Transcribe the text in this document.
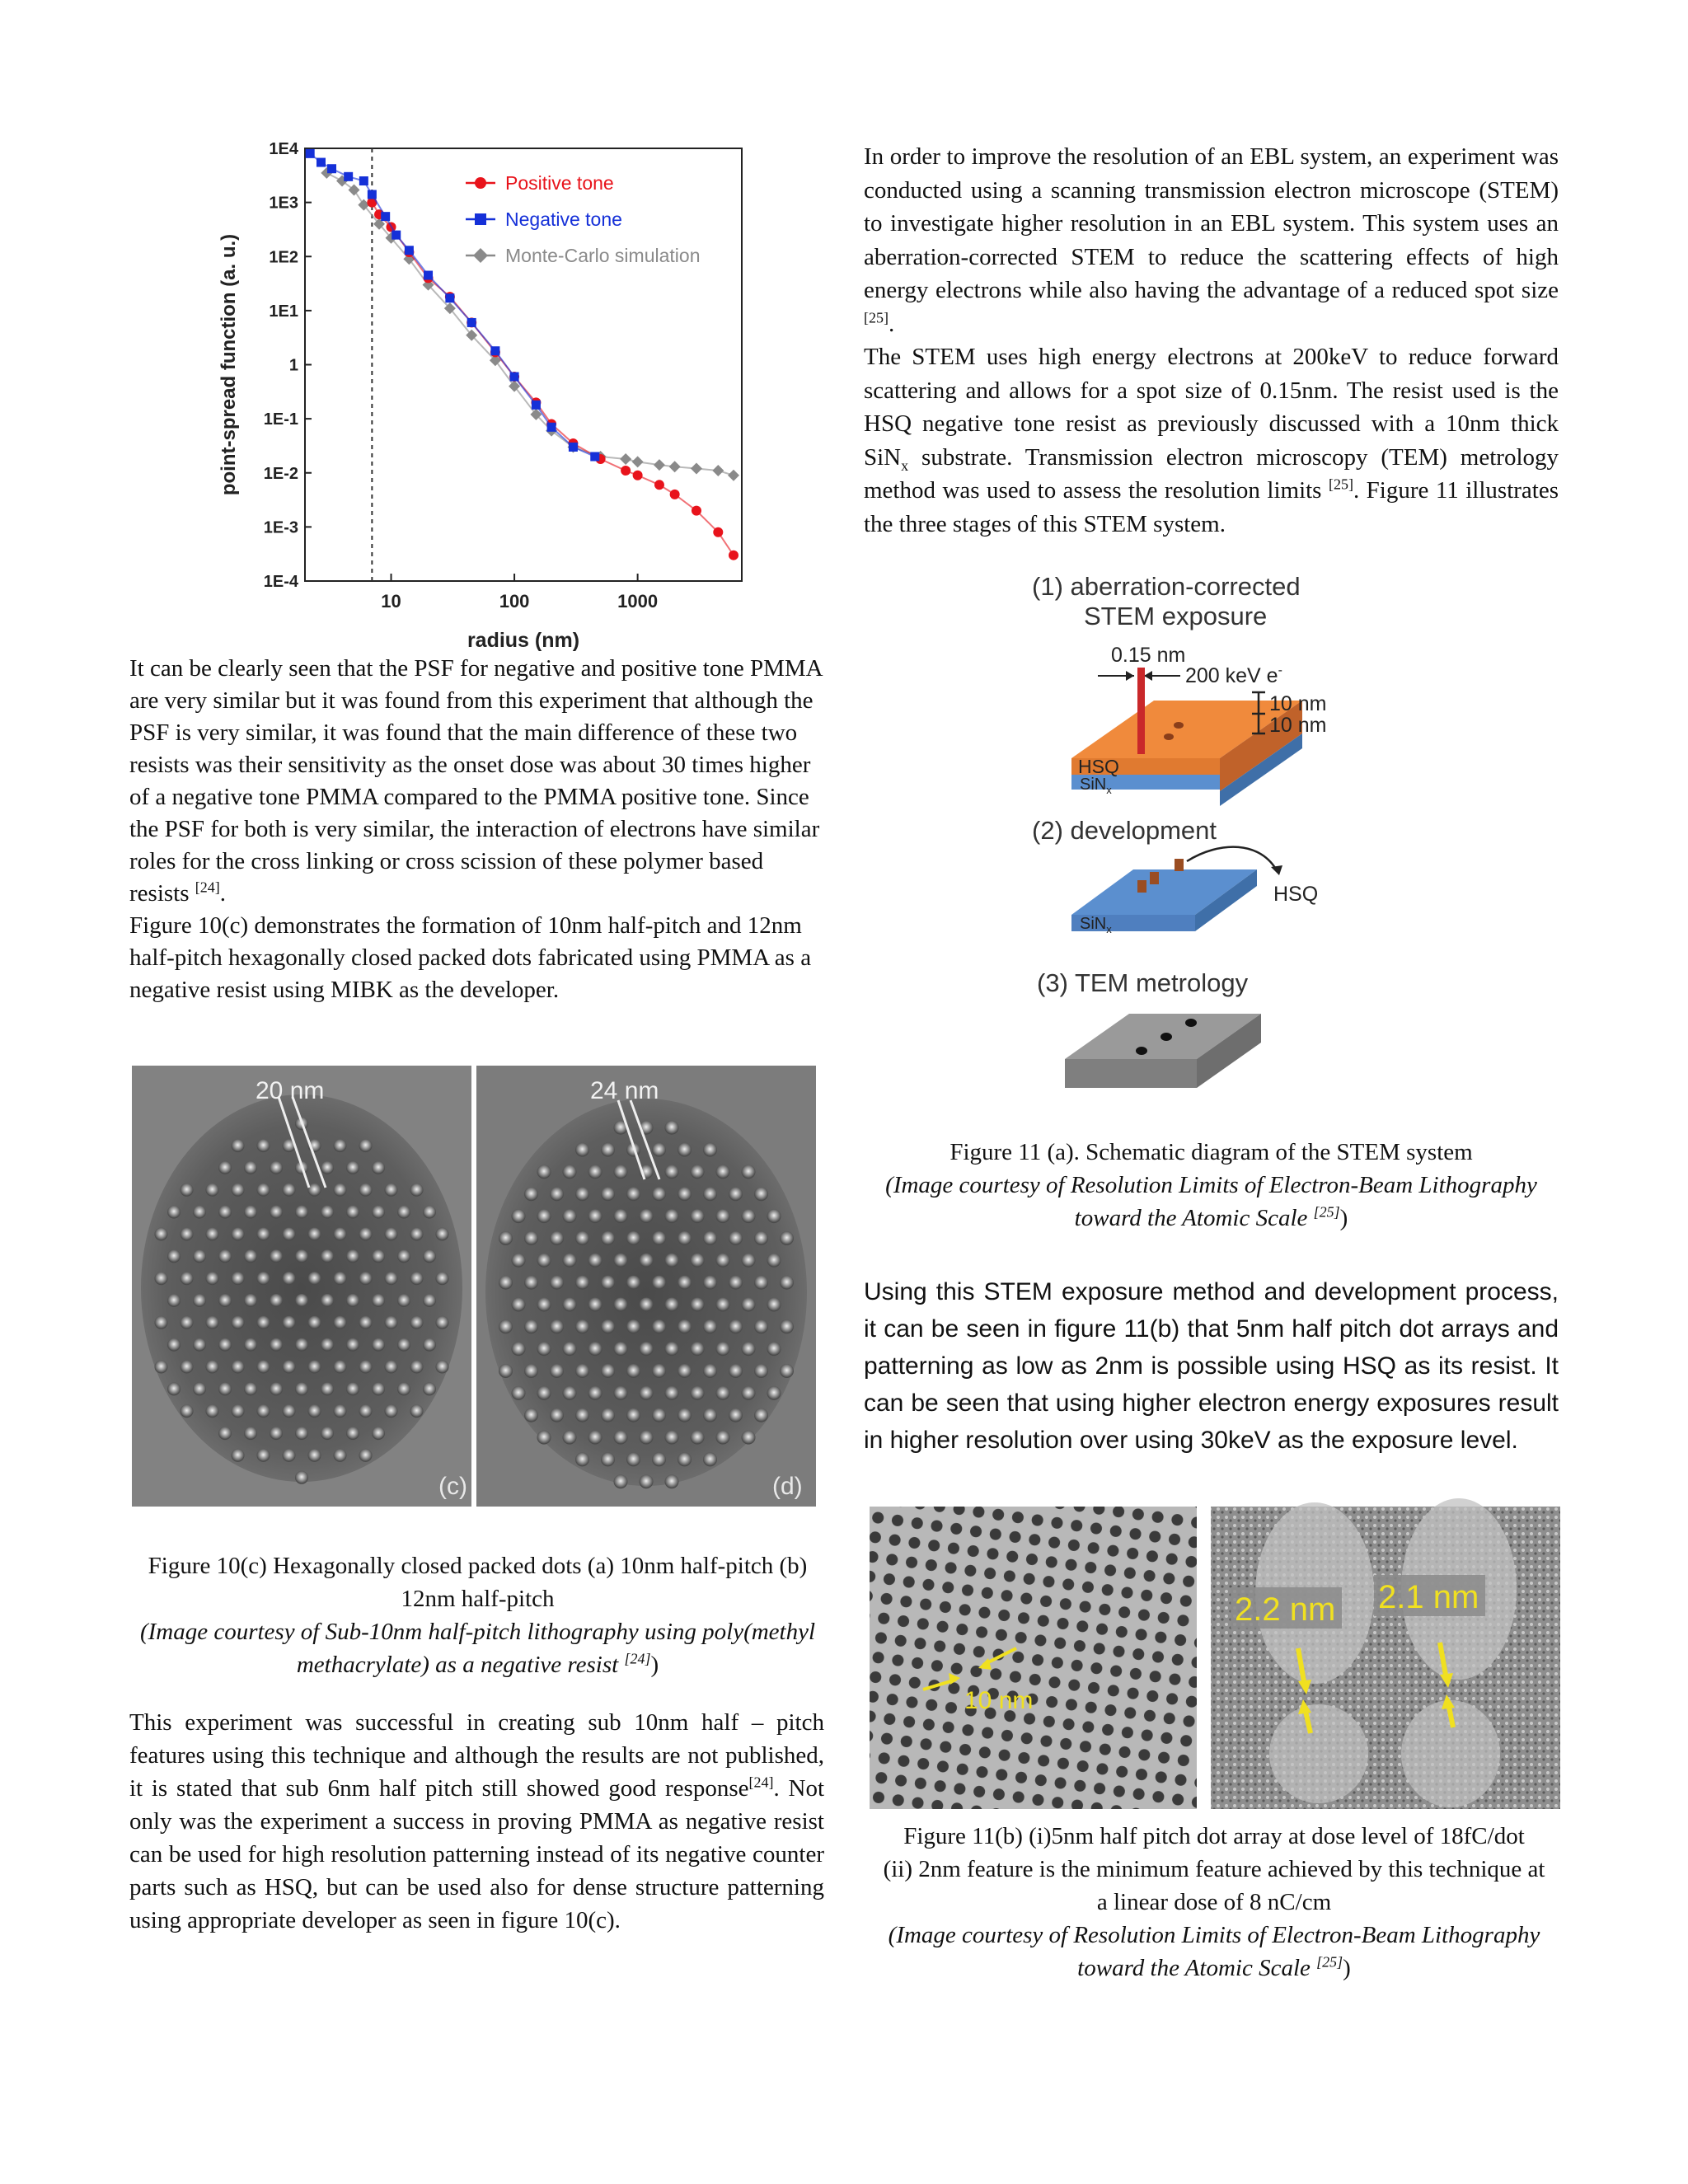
1E4
1E3
1E2
1E1
1
1E-1
1E-2
1E-3
1E-4
10	100	1000
radius (nm)
point-spread function (a. u.)
Positive tone
Negative tone
Monte-Carlo simulation

It can be clearly seen that the PSF for negative and positive tone PMMA are very similar but it was found from this experiment that although the PSF is very similar, it was found that the main difference of these two resists was their sensitivity as the onset dose was about 30 times higher of a negative tone PMMA compared to the PMMA positive tone. Since the PSF for both is very similar, the interaction of electrons have similar roles for the cross linking or cross scission of these polymer based resists [24].
Figure 10(c) demonstrates the formation of 10nm half-pitch and 12nm half-pitch hexagonally closed packed dots fabricated using PMMA as a negative resist using MIBK as the developer.

20 nm	24 nm
(c)	(d)
Figure 10(c) Hexagonally closed packed dots (a) 10nm half-pitch (b) 12nm half-pitch
(Image courtesy of Sub-10nm half-pitch lithography using poly(methyl methacrylate) as a negative resist [24])

This experiment was successful in creating sub 10nm half – pitch features using this technique and although the results are not published, it is stated that sub 6nm half pitch still showed good response[24]. Not only was the experiment a success in proving PMMA as negative resist can be used for high resolution patterning instead of its negative counter parts such as HSQ, but can be used also for dense structure patterning using appropriate developer as seen in figure 10(c).

In order to improve the resolution of an EBL system, an experiment was conducted using a scanning transmission electron microscope (STEM) to investigate higher resolution in an EBL system. This system uses an aberration-corrected STEM to reduce the scattering effects of high energy electrons while also having the advantage of a reduced spot size [25].
The STEM uses high energy electrons at 200keV to reduce forward scattering and allows for a spot size of 0.15nm. The resist used is the HSQ negative tone resist as previously discussed with a 10nm thick SiN$_x$ substrate. Transmission electron microscopy (TEM) metrology method was used to assess the resolution limits [25]. Figure 11 illustrates the three stages of this STEM system.

(1) aberration-corrected
STEM exposure
0.15 nm
200 keV e-
HSQ
SiN$_x$
10 nm
10 nm
(2) development
HSQ
SiN$_x$
(3) TEM metrology
Figure 11 (a). Schematic diagram of the STEM system
(Image courtesy of Resolution Limits of Electron-Beam Lithography toward the Atomic Scale [25])

Using this STEM exposure method and development process, it can be seen in figure 11(b) that 5nm half pitch dot arrays and patterning as low as 2nm is possible using HSQ as its resist. It can be seen that using higher electron energy exposures result in higher resolution over using 30keV as the exposure level.

2.2 nm 2.1 nm
10 nm
Figure 11(b) (i)5nm half pitch dot array at dose level of 18fC/dot
(ii) 2nm feature is the minimum feature achieved by this technique at a linear dose of 8 nC/cm
(Image courtesy of Resolution Limits of Electron-Beam Lithography toward the Atomic Scale [25])
